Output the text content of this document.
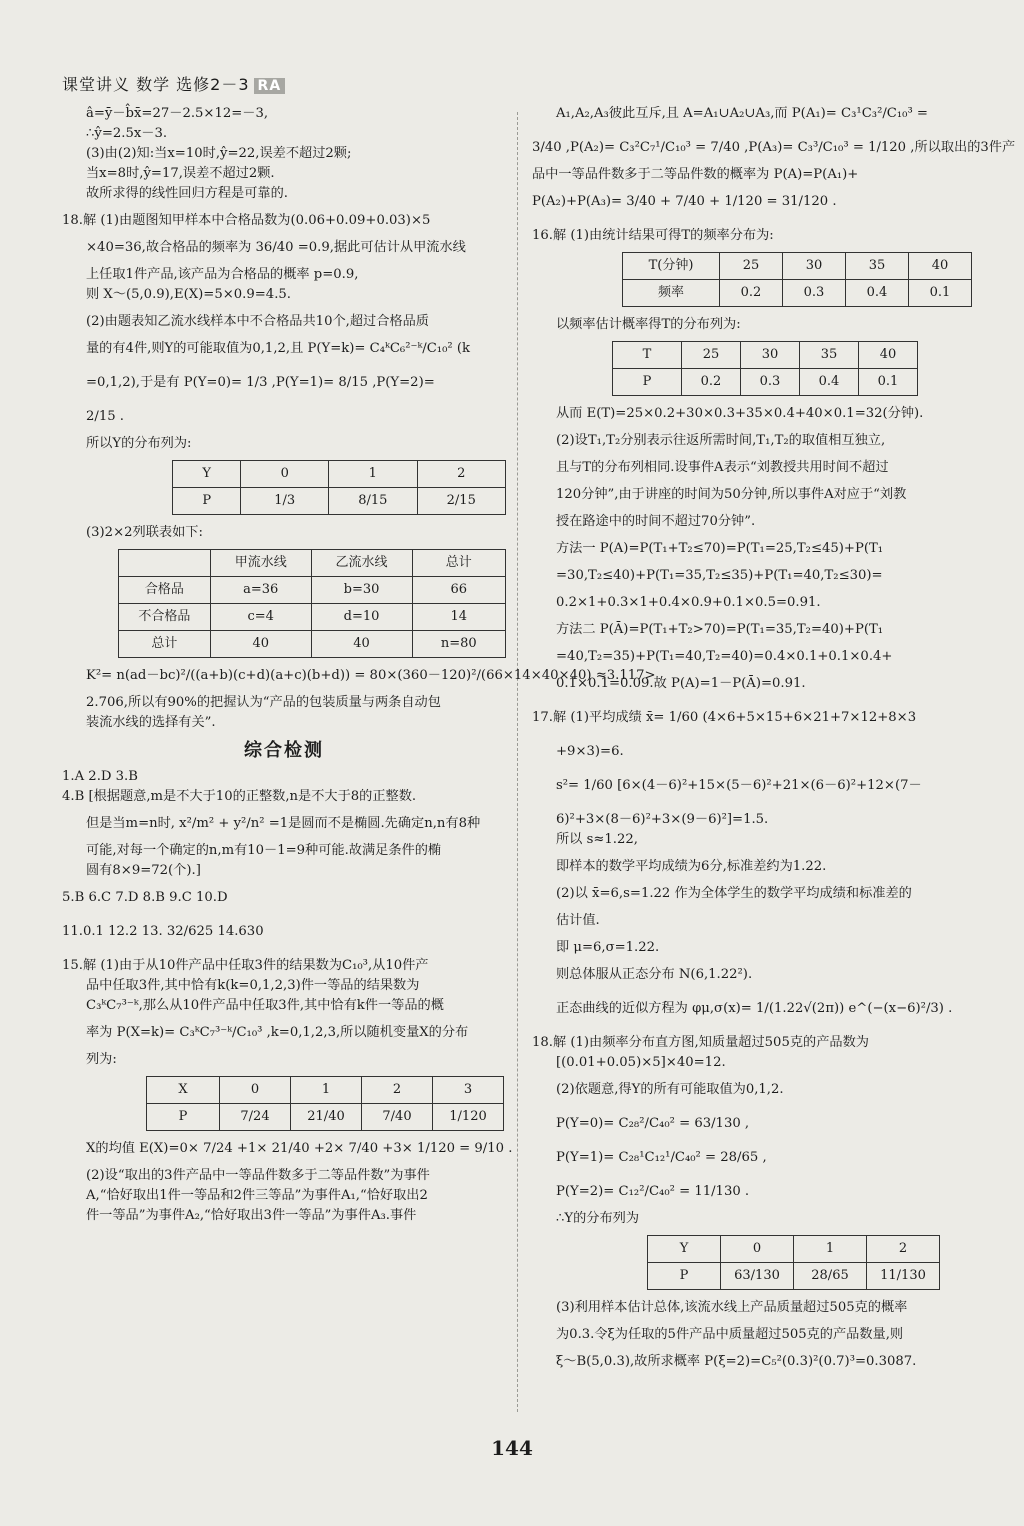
课堂讲义 数学 选修2－3 RA
â=ȳ－b̂x̄=27－2.5×12=－3,
∴ŷ=2.5x－3.
(3)由(2)知:当x=10时,ŷ=22,误差不超过2颗;
当x=8时,ŷ=17,误差不超过2颗.
故所求得的线性回归方程是可靠的.
18.解 (1)由题图知甲样本中合格品数为(0.06+0.09+0.03)×5
×40=36,故合格品的频率为 36/40 =0.9,据此可估计从甲流水线
上任取1件产品,该产品为合格品的概率 p=0.9,
则 X～(5,0.9),E(X)=5×0.9=4.5.
(2)由题表知乙流水线样本中不合格品共10个,超过合格品质
量的有4件,则Y的可能取值为0,1,2,且 P(Y=k)= C₄ᵏC₆²⁻ᵏ/C₁₀² (k
=0,1,2),于是有 P(Y=0)= 1/3 ,P(Y=1)= 8/15 ,P(Y=2)=
2/15 .
所以Y的分布列为:
Y	0	1	2
P	1/3	8/15	2/15
(3)2×2列联表如下:
	甲流水线	乙流水线	总计
合格品	a=36	b=30	66
不合格品	c=4	d=10	14
总计	40	40	n=80
K²= n(ad－bc)²/((a+b)(c+d)(a+c)(b+d)) = 80×(360－120)²/(66×14×40×40) ≈3.117>
2.706,所以有90%的把握认为“产品的包装质量与两条自动包
装流水线的选择有关”.
综合检测
1.A 2.D 3.B
4.B [根据题意,m是不大于10的正整数,n是不大于8的正整数.
但是当m=n时, x²/m² + y²/n² =1是圆而不是椭圆.先确定n,n有8种
可能,对每一个确定的n,m有10－1=9种可能.故满足条件的椭
圆有8×9=72(个).]
5.B 6.C 7.D 8.B 9.C 10.D
11.0.1 12.2 13. 32/625 14.630
15.解 (1)由于从10件产品中任取3件的结果数为C₁₀³,从10件产
品中任取3件,其中恰有k(k=0,1,2,3)件一等品的结果数为
C₃ᵏC₇³⁻ᵏ,那么从10件产品中任取3件,其中恰有k件一等品的概
率为 P(X=k)= C₃ᵏC₇³⁻ᵏ/C₁₀³ ,k=0,1,2,3,所以随机变量X的分布
列为:
X	0	1	2	3
P	7/24	21/40	7/40	1/120
X的均值 E(X)=0× 7/24 +1× 21/40 +2× 7/40 +3× 1/120 = 9/10 .
(2)设“取出的3件产品中一等品件数多于二等品件数”为事件
A,“恰好取出1件一等品和2件三等品”为事件A₁,“恰好取出2
件一等品”为事件A₂,“恰好取出3件一等品”为事件A₃.事件
A₁,A₂,A₃彼此互斥,且 A=A₁∪A₂∪A₃,而 P(A₁)= C₃¹C₃²/C₁₀³ =
3/40 ,P(A₂)= C₃²C₇¹/C₁₀³ = 7/40 ,P(A₃)= C₃³/C₁₀³ = 1/120 ,所以取出的3件产
品中一等品件数多于二等品件数的概率为 P(A)=P(A₁)+
P(A₂)+P(A₃)= 3/40 + 7/40 + 1/120 = 31/120 .
16.解 (1)由统计结果可得T的频率分布为:
T(分钟)	25	30	35	40
频率	0.2	0.3	0.4	0.1
以频率估计概率得T的分布列为:
T	25	30	35	40
P	0.2	0.3	0.4	0.1
从而 E(T)=25×0.2+30×0.3+35×0.4+40×0.1=32(分钟).
(2)设T₁,T₂分别表示往返所需时间,T₁,T₂的取值相互独立,
且与T的分布列相同.设事件A表示“刘教授共用时间不超过
120分钟”,由于讲座的时间为50分钟,所以事件A对应于“刘教
授在路途中的时间不超过70分钟”.
方法一 P(A)=P(T₁+T₂≤70)=P(T₁=25,T₂≤45)+P(T₁
=30,T₂≤40)+P(T₁=35,T₂≤35)+P(T₁=40,T₂≤30)=
0.2×1+0.3×1+0.4×0.9+0.1×0.5=0.91.
方法二 P(Ā)=P(T₁+T₂>70)=P(T₁=35,T₂=40)+P(T₁
=40,T₂=35)+P(T₁=40,T₂=40)=0.4×0.1+0.1×0.4+
0.1×0.1=0.09.故 P(A)=1－P(Ā)=0.91.
17.解 (1)平均成绩 x̄= 1/60 (4×6+5×15+6×21+7×12+8×3
+9×3)=6.
s²= 1/60 [6×(4－6)²+15×(5－6)²+21×(6－6)²+12×(7－
6)²+3×(8－6)²+3×(9－6)²]=1.5.
所以 s≈1.22,
即样本的数学平均成绩为6分,标准差约为1.22.
(2)以 x̄=6,s=1.22 作为全体学生的数学平均成绩和标准差的
估计值.
即 μ=6,σ=1.22.
则总体服从正态分布 N(6,1.22²).
正态曲线的近似方程为 φμ,σ(x)= 1/(1.22√(2π)) e^(−(x−6)²/3) .
18.解 (1)由频率分布直方图,知质量超过505克的产品数为
[(0.01+0.05)×5]×40=12.
(2)依题意,得Y的所有可能取值为0,1,2.
P(Y=0)= C₂₈²/C₄₀² = 63/130 ,
P(Y=1)= C₂₈¹C₁₂¹/C₄₀² = 28/65 ,
P(Y=2)= C₁₂²/C₄₀² = 11/130 .
∴Y的分布列为
Y	0	1	2
P	63/130	28/65	11/130
(3)利用样本估计总体,该流水线上产品质量超过505克的概率
为0.3.令ξ为任取的5件产品中质量超过505克的产品数量,则
ξ～B(5,0.3),故所求概率 P(ξ=2)=C₅²(0.3)²(0.7)³=0.3087.
144
